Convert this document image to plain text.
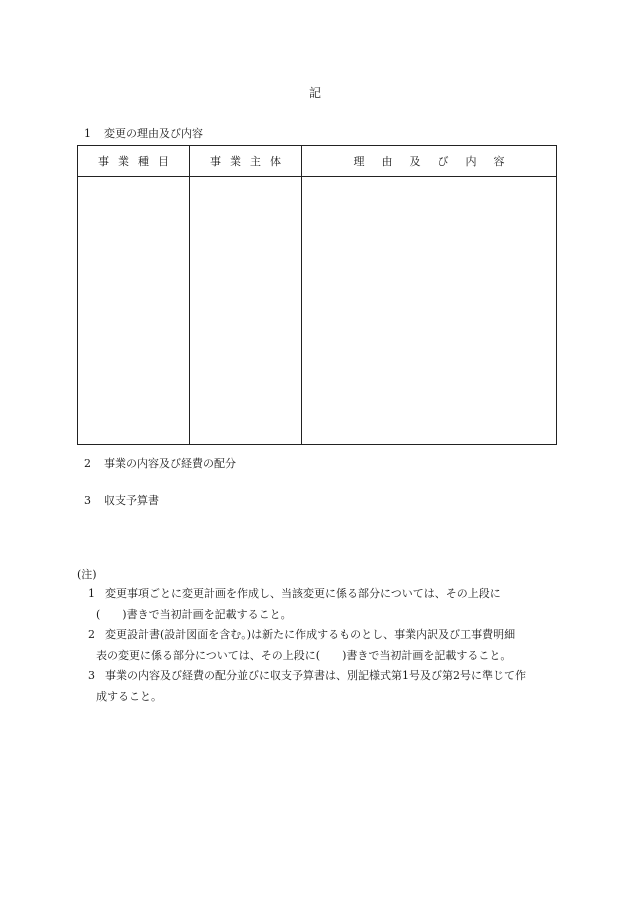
記
1 変更の理由及び内容
事業種目	事業主体	理由及び内容

2 事業の内容及び経費の配分
3 収支予算書
(注)
1 変更事項ごとに変更計画を作成し、当該変更に係る部分については、その上段に
(　　)書きで当初計画を記載すること。
2 変更設計書(設計図面を含む。)は新たに作成するものとし、事業内訳及び工事費明細
表の変更に係る部分については、その上段に(　　)書きで当初計画を記載すること。
3 事業の内容及び経費の配分並びに収支予算書は、別記様式第1号及び第2号に準じて作
成すること。
